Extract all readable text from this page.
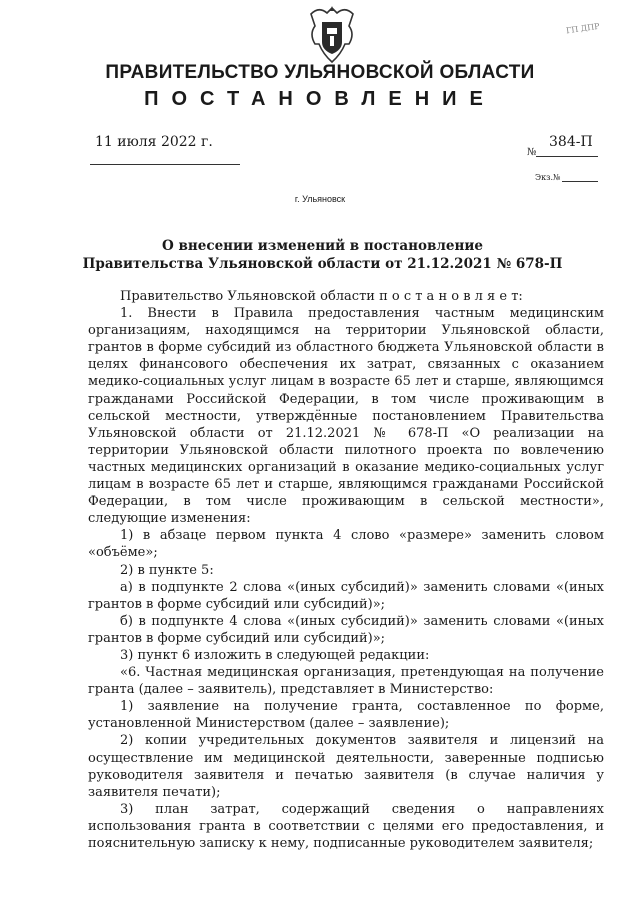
ГП ДПР
ПРАВИТЕЛЬСТВО УЛЬЯНОВСКОЙ ОБЛАСТИ
ПОСТАНОВЛЕНИЕ
11 июля 2022 г.
№
384-П
Экз.№
г. Ульяновск
О внесении изменений в постановление
Правительства Ульяновской области от 21.12.2021 № 678-П

Правительство Ульяновской области п о с т а н о в л я е т:

1. Внести в Правила предоставления частным медицинским организациям, находящимся на территории Ульяновской области, грантов в форме субсидий из областного бюджета Ульяновской области в целях финансового обеспечения их затрат, связанных с оказанием медико-социальных услуг лицам в возрасте 65 лет и старше, являющимся гражданами Российской Федерации, в том числе проживающим в сельской местности, утверждённые постановлением Правительства Ульяновской области от 21.12.2021 № 678-П «О реализации на территории Ульяновской области пилотного проекта по вовлечению частных медицинских организаций в оказание медико-социальных услуг лицам в возрасте 65 лет и старше, являющимся гражданами Российской Федерации, в том числе проживающим в сельской местности», следующие изменения:

1) в абзаце первом пункта 4 слово «размере» заменить словом «объёме»;

2) в пункте 5:

а) в подпункте 2 слова «(иных субсидий)» заменить словами «(иных грантов в форме субсидий или субсидий)»;

б) в подпункте 4 слова «(иных субсидий)» заменить словами «(иных грантов в форме субсидий или субсидий)»;

3) пункт 6 изложить в следующей редакции:

«6. Частная медицинская организация, претендующая на получение гранта (далее – заявитель), представляет в Министерство:

1) заявление на получение гранта, составленное по форме, установленной Министерством (далее – заявление);

2) копии учредительных документов заявителя и лицензий на осуществление им медицинской деятельности, заверенные подписью руководителя заявителя и печатью заявителя (в случае наличия у заявителя печати);

3) план затрат, содержащий сведения о направлениях использования гранта в соответствии с целями его предоставления, и пояснительную записку к нему, подписанные руководителем заявителя;
